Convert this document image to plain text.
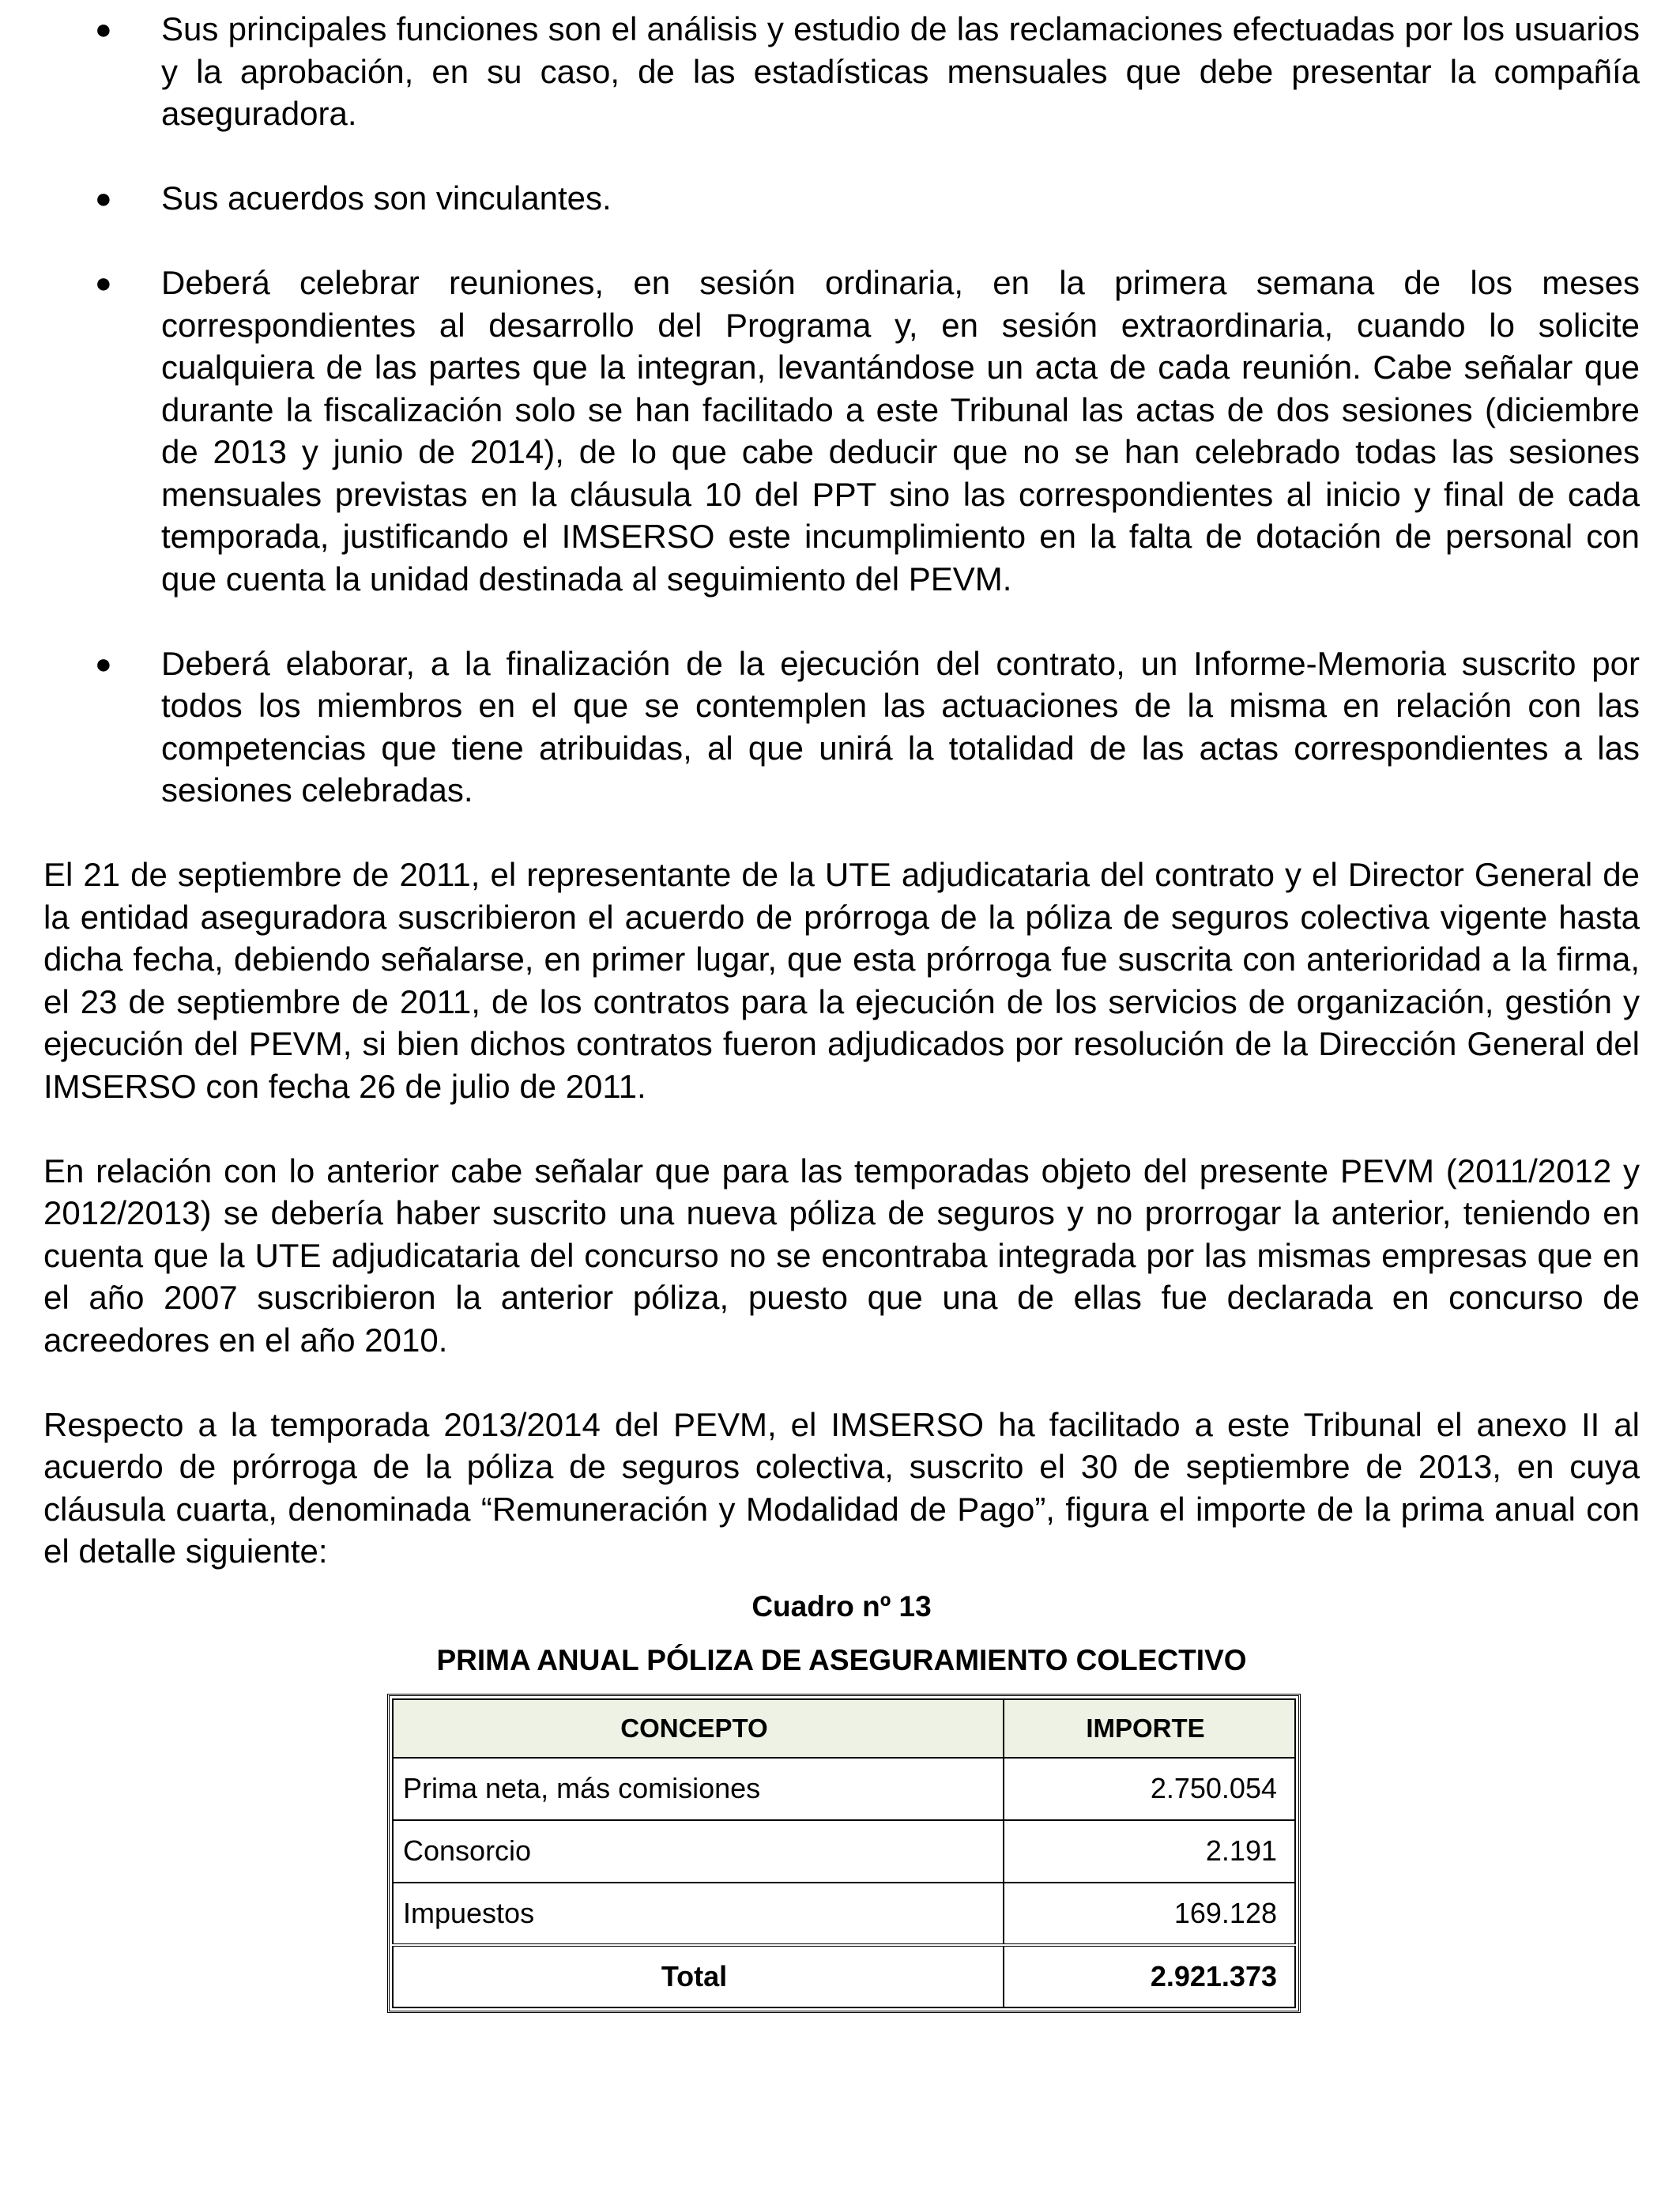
● Sus principales funciones son el análisis y estudio de las reclamaciones efectuadas por los usuarios y la aprobación, en su caso, de las estadísticas mensuales que debe presentar la compañía aseguradora.

● Sus acuerdos son vinculantes.

● Deberá celebrar reuniones, en sesión ordinaria, en la primera semana de los meses correspondientes al desarrollo del Programa y, en sesión extraordinaria, cuando lo solicite cualquiera de las partes que la integran, levantándose un acta de cada reunión. Cabe señalar que durante la fiscalización solo se han facilitado a este Tribunal las actas de dos sesiones (diciembre de 2013 y junio de 2014), de lo que cabe deducir que no se han celebrado todas las sesiones mensuales previstas en la cláusula 10 del PPT sino las correspondientes al inicio y final de cada temporada, justificando el IMSERSO este incumplimiento en la falta de dotación de personal con que cuenta la unidad destinada al seguimiento del PEVM.

● Deberá elaborar, a la finalización de la ejecución del contrato, un Informe-Memoria suscrito por todos los miembros en el que se contemplen las actuaciones de la misma en relación con las competencias que tiene atribuidas, al que unirá la totalidad de las actas correspondientes a las sesiones celebradas.

El 21 de septiembre de 2011, el representante de la UTE adjudicataria del contrato y el Director General de la entidad aseguradora suscribieron el acuerdo de prórroga de la póliza de seguros colectiva vigente hasta dicha fecha, debiendo señalarse, en primer lugar, que esta prórroga fue suscrita con anterioridad a la firma, el 23 de septiembre de 2011, de los contratos para la ejecución de los servicios de organización, gestión y ejecución del PEVM, si bien dichos contratos fueron adjudicados por resolución de la Dirección General del IMSERSO con fecha 26 de julio de 2011.

En relación con lo anterior cabe señalar que para las temporadas objeto del presente PEVM (2011/2012 y 2012/2013) se debería haber suscrito una nueva póliza de seguros y no prorrogar la anterior, teniendo en cuenta que la UTE adjudicataria del concurso no se encontraba integrada por las mismas empresas que en el año 2007 suscribieron la anterior póliza, puesto que una de ellas fue declarada en concurso de acreedores en el año 2010.

Respecto a la temporada 2013/2014 del PEVM, el IMSERSO ha facilitado a este Tribunal el anexo II al acuerdo de prórroga de la póliza de seguros colectiva, suscrito el 30 de septiembre de 2013, en cuya cláusula cuarta, denominada “Remuneración y Modalidad de Pago”, figura el importe de la prima anual con el detalle siguiente:

Cuadro nº 13

PRIMA ANUAL PÓLIZA DE ASEGURAMIENTO COLECTIVO

CONCEPTO	IMPORTE
Prima neta, más comisiones	2.750.054
Consorcio	2.191
Impuestos	169.128
Total	2.921.373
